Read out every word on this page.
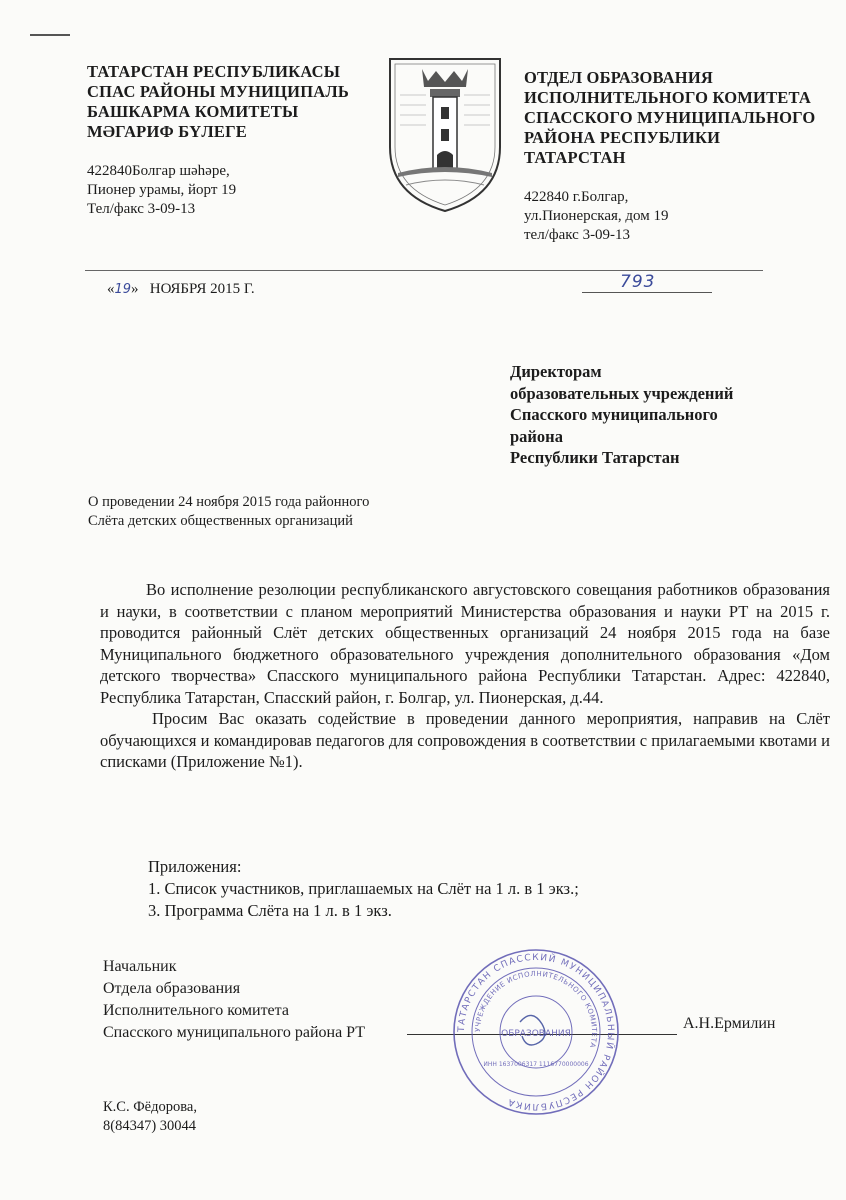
ТАТАРСТАН РЕСПУБЛИКАСЫ
СПАС РАЙОНЫ МУНИЦИПАЛЬ
БАШКАРМА КОМИТЕТЫ
МӘГАРИФ БҮЛЕГЕ
422840Болгар шәһәре,
Пионер урамы, йорт 19
Тел/факс 3-09-13
ОТДЕЛ ОБРАЗОВАНИЯ
ИСПОЛНИТЕЛЬНОГО КОМИТЕТА
СПАССКОГО МУНИЦИПАЛЬНОГО
РАЙОНА РЕСПУБЛИКИ
ТАТАРСТАН
422840 г.Болгар,
ул.Пионерская, дом 19
тел/факс 3-09-13
«19» НОЯБРЯ 2015 Г.	793
Директорам
образовательных учреждений
Спасского муниципального
района
Республики Татарстан
О проведении 24 ноября 2015 года районного
Слёта детских общественных организаций

Во исполнение резолюции республиканского августовского совещания работников образования и науки, в соответствии с планом мероприятий Министерства образования и науки РТ на 2015 г. проводится районный Слёт детских общественных организаций 24 ноября 2015 года на базе Муниципального бюджетного образовательного учреждения дополнительного образования «Дом детского творчества» Спасского муниципального района Республики Татарстан. Адрес: 422840, Республика Татарстан, Спасский район, г. Болгар, ул. Пионерская, д.44.

Просим Вас оказать содействие в проведении данного мероприятия, направив на Слёт обучающихся и командировав педагогов для сопровождения в соответствии с прилагаемыми квотами и списками (Приложение №1).

Приложения:
1. Список участников, приглашаемых на Слёт на 1 л. в 1 экз.;
3. Программа Слёта на 1 л. в 1 экз.
Начальник
Отдела образования
Исполнительного комитета
Спасского муниципального района РТ
А.Н.Ермилин
ТАТАРСТАН СПАССКИЙ МУНИЦИПАЛЬНЫЙ РАЙОН РЕСПУБЛИКА
УЧРЕЖДЕНИЕ ИСПОЛНИТЕЛЬНОГО КОМИТЕТА
ОБРАЗОВАНИЯ
ИНН 1637006317 1116770000006
К.С. Фёдорова,
8(84347) 30044
